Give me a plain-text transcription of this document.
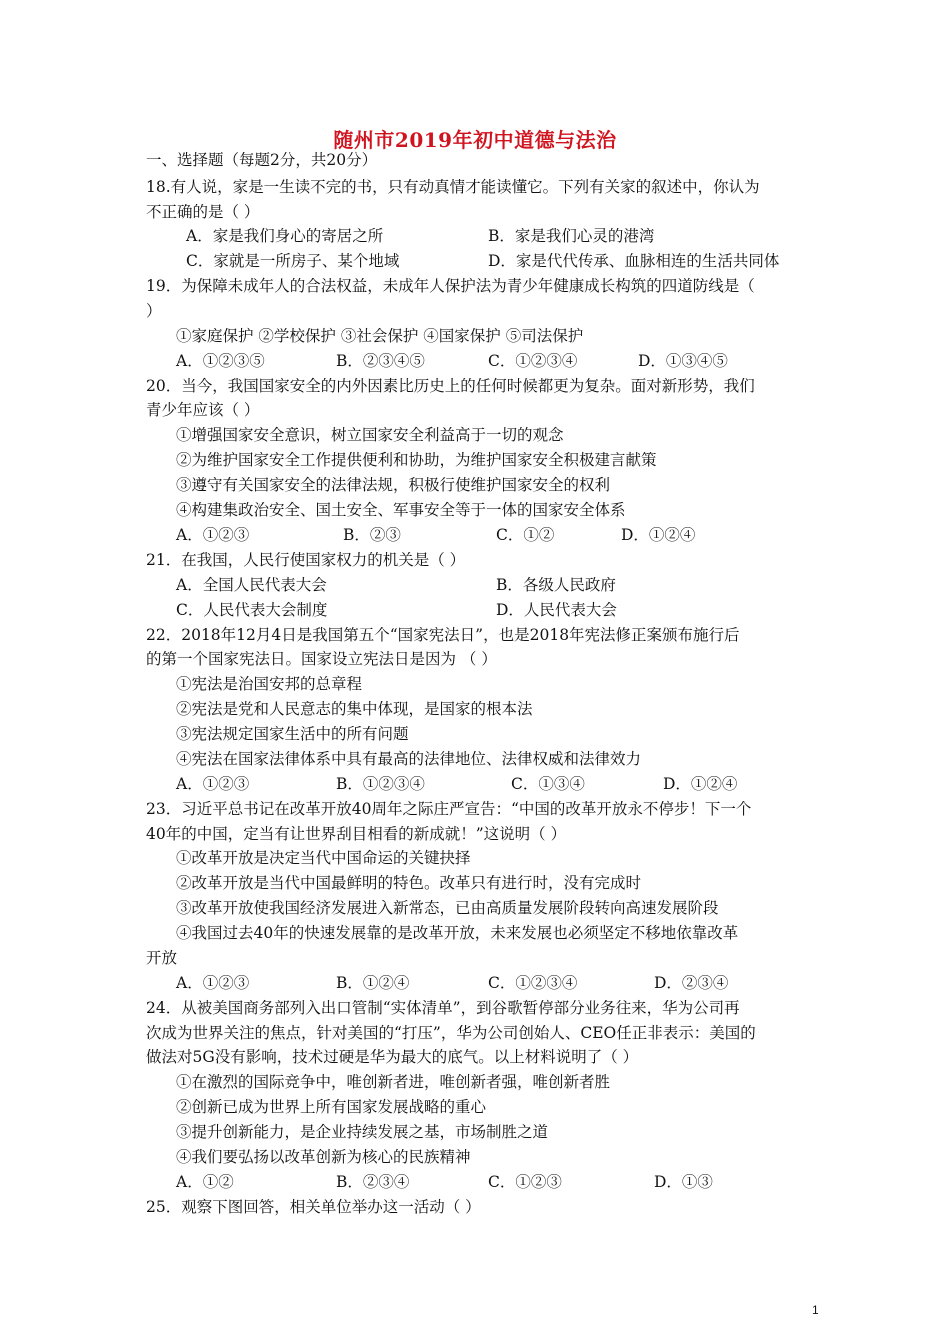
随州市2019年初中道德与法治
一、选择题（每题2分，共20分）
18.有人说，家是一生读不完的书，只有动真情才能读懂它。下列有关家的叙述中，你认为
不正确的是（ ）
A．家是我们身心的寄居之所	B．家是我们心灵的港湾
C．家就是一所房子、某个地域	D．家是代代传承、血脉相连的生活共同体
19．为保障未成年人的合法权益，未成年人保护法为青少年健康成长构筑的四道防线是（
）
①家庭保护 ②学校保护 ③社会保护 ④国家保护 ⑤司法保护
A．①②③⑤	B．②③④⑤	C．①②③④	D．①③④⑤
20．当今，我国国家安全的内外因素比历史上的任何时候都更为复杂。面对新形势，我们
青少年应该（ ）
①增强国家安全意识，树立国家安全利益高于一切的观念
②为维护国家安全工作提供便利和协助，为维护国家安全积极建言献策
③遵守有关国家安全的法律法规，积极行使维护国家安全的权利
④构建集政治安全、国土安全、军事安全等于一体的国家安全体系
A．①②③	B．②③	C．①②	D．①②④
21．在我国，人民行使国家权力的机关是（ ）
A．全国人民代表大会	B．各级人民政府
C．人民代表大会制度	D．人民代表大会
22．2018年12月4日是我国第五个“国家宪法日”，也是2018年宪法修正案颁布施行后
的第一个国家宪法日。国家设立宪法日是因为 （ ）
①宪法是治国安邦的总章程
②宪法是党和人民意志的集中体现，是国家的根本法
③宪法规定国家生活中的所有问题
④宪法在国家法律体系中具有最高的法律地位、法律权威和法律效力
A．①②③	B．①②③④	C．①③④	D．①②④
23．习近平总书记在改革开放40周年之际庄严宣告：“中国的改革开放永不停步！下一个
40年的中国，定当有让世界刮目相看的新成就！”这说明（ ）
①改革开放是决定当代中国命运的关键抉择
②改革开放是当代中国最鲜明的特色。改革只有进行时，没有完成时
③改革开放使我国经济发展进入新常态，已由高质量发展阶段转向高速发展阶段
④我国过去40年的快速发展靠的是改革开放，未来发展也必须坚定不移地依靠改革
开放
A．①②③	B．①②④	C．①②③④	D．②③④
24．从被美国商务部列入出口管制“实体清单”，到谷歌暂停部分业务往来，华为公司再
次成为世界关注的焦点，针对美国的“打压”，华为公司创始人、CEO任正非表示：美国的
做法对5G没有影响，技术过硬是华为最大的底气。以上材料说明了（ ）
①在激烈的国际竞争中，唯创新者进，唯创新者强，唯创新者胜
②创新已成为世界上所有国家发展战略的重心
③提升创新能力，是企业持续发展之基，市场制胜之道
④我们要弘扬以改革创新为核心的民族精神
A．①②	B．②③④	C．①②③	D．①③
25．观察下图回答，相关单位举办这一活动（ ）
1
